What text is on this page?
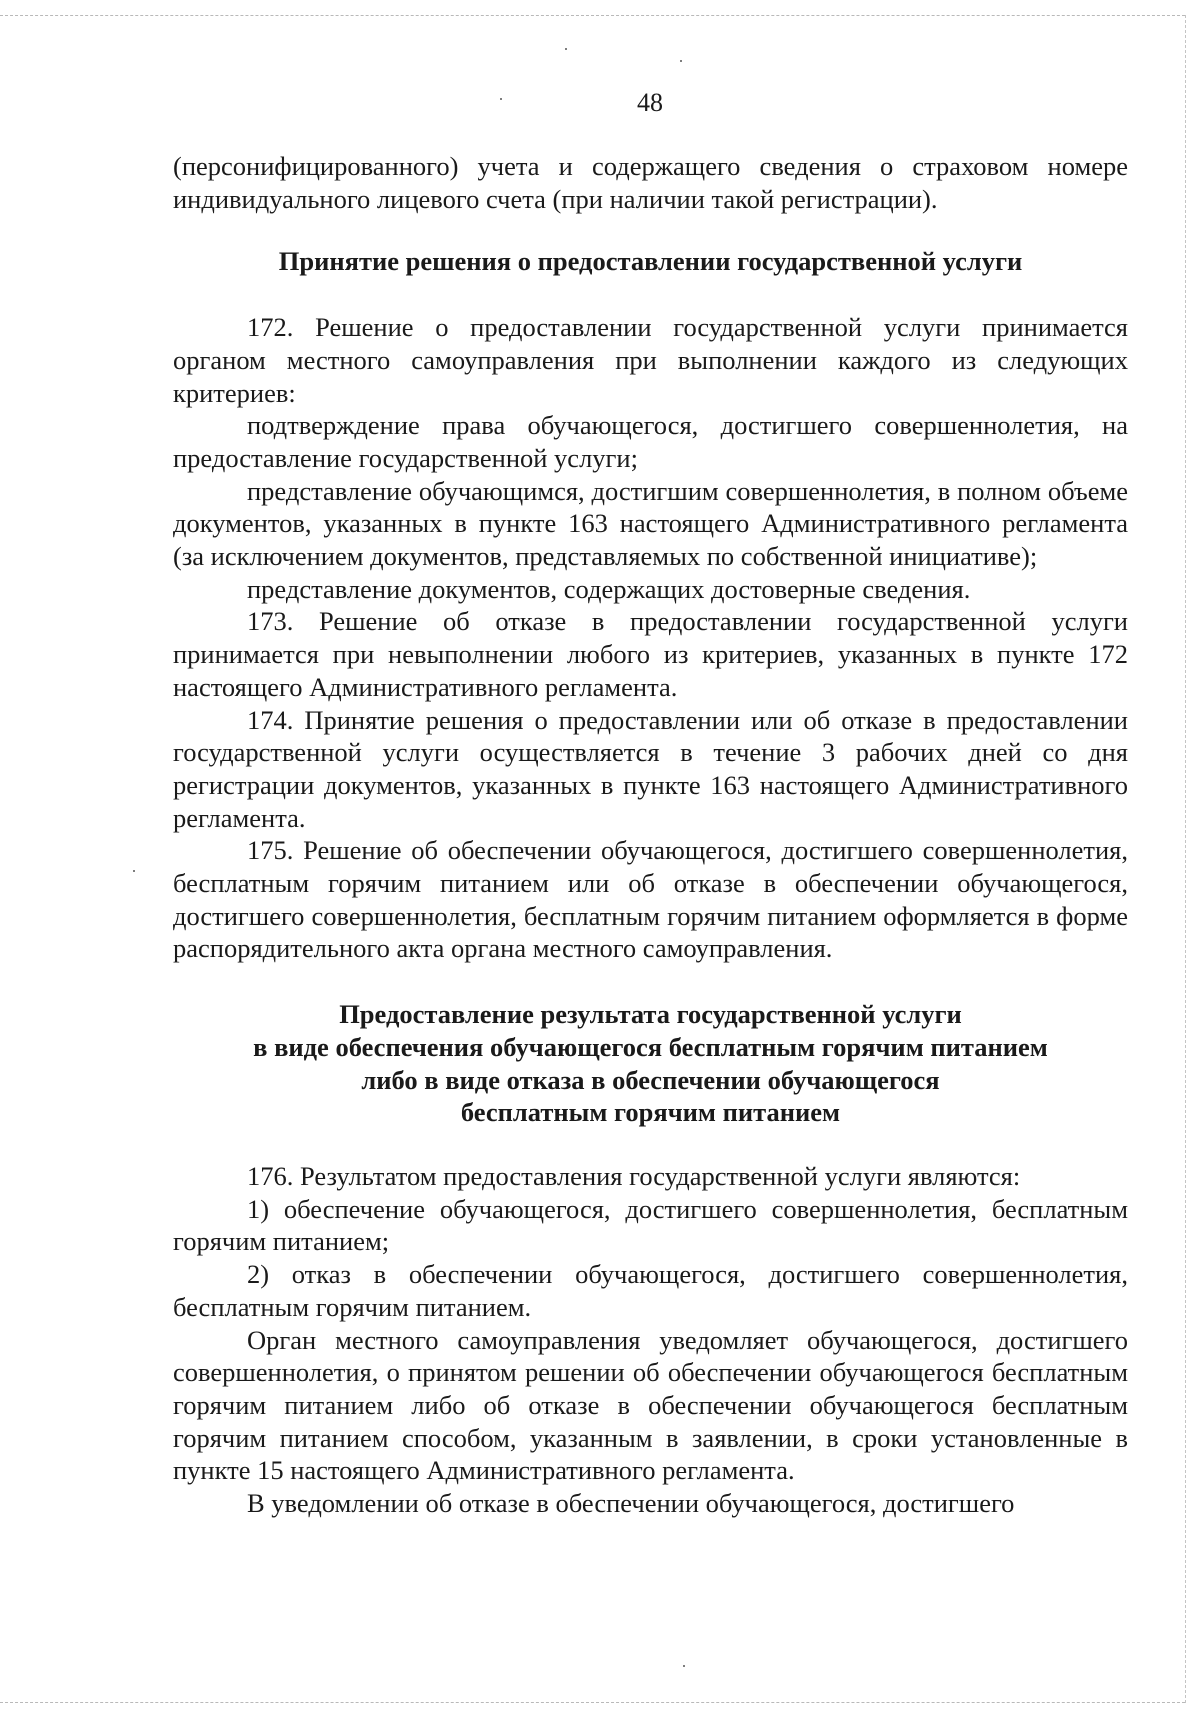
48

(персонифицированного) учета и содержащего сведения о страховом номере индивидуального лицевого счета (при наличии такой регистрации).

Принятие решения о предоставлении государственной услуги

172. Решение о предоставлении государственной услуги принимается органом местного самоуправления при выполнении каждого из следующих критериев:

подтверждение права обучающегося, достигшего совершеннолетия, на предоставление государственной услуги;

представление обучающимся, достигшим совершеннолетия, в полном объеме документов, указанных в пункте 163 настоящего Административного регламента (за исключением документов, представляемых по собственной инициативе);

представление документов, содержащих достоверные сведения.

173. Решение об отказе в предоставлении государственной услуги принимается при невыполнении любого из критериев, указанных в пункте 172 настоящего Административного регламента.

174. Принятие решения о предоставлении или об отказе в предоставлении государственной услуги осуществляется в течение 3 рабочих дней со дня регистрации документов, указанных в пункте 163 настоящего Административного регламента.

175. Решение об обеспечении обучающегося, достигшего совершеннолетия, бесплатным горячим питанием или об отказе в обеспечении обучающегося, достигшего совершеннолетия, бесплатным горячим питанием оформляется в форме распорядительного акта органа местного самоуправления.

Предоставление результата государственной услуги
в виде обеспечения обучающегося бесплатным горячим питанием
либо в виде отказа в обеспечении обучающегося
бесплатным горячим питанием

176. Результатом предоставления государственной услуги являются:

1) обеспечение обучающегося, достигшего совершеннолетия, бесплатным горячим питанием;

2) отказ в обеспечении обучающегося, достигшего совершеннолетия, бесплатным горячим питанием.

Орган местного самоуправления уведомляет обучающегося, достигшего совершеннолетия, о принятом решении об обеспечении обучающегося бесплатным горячим питанием либо об отказе в обеспечении обучающегося бесплатным горячим питанием способом, указанным в заявлении, в сроки установленные в пункте 15 настоящего Административного регламента.

В уведомлении об отказе в обеспечении обучающегося, достигшего
